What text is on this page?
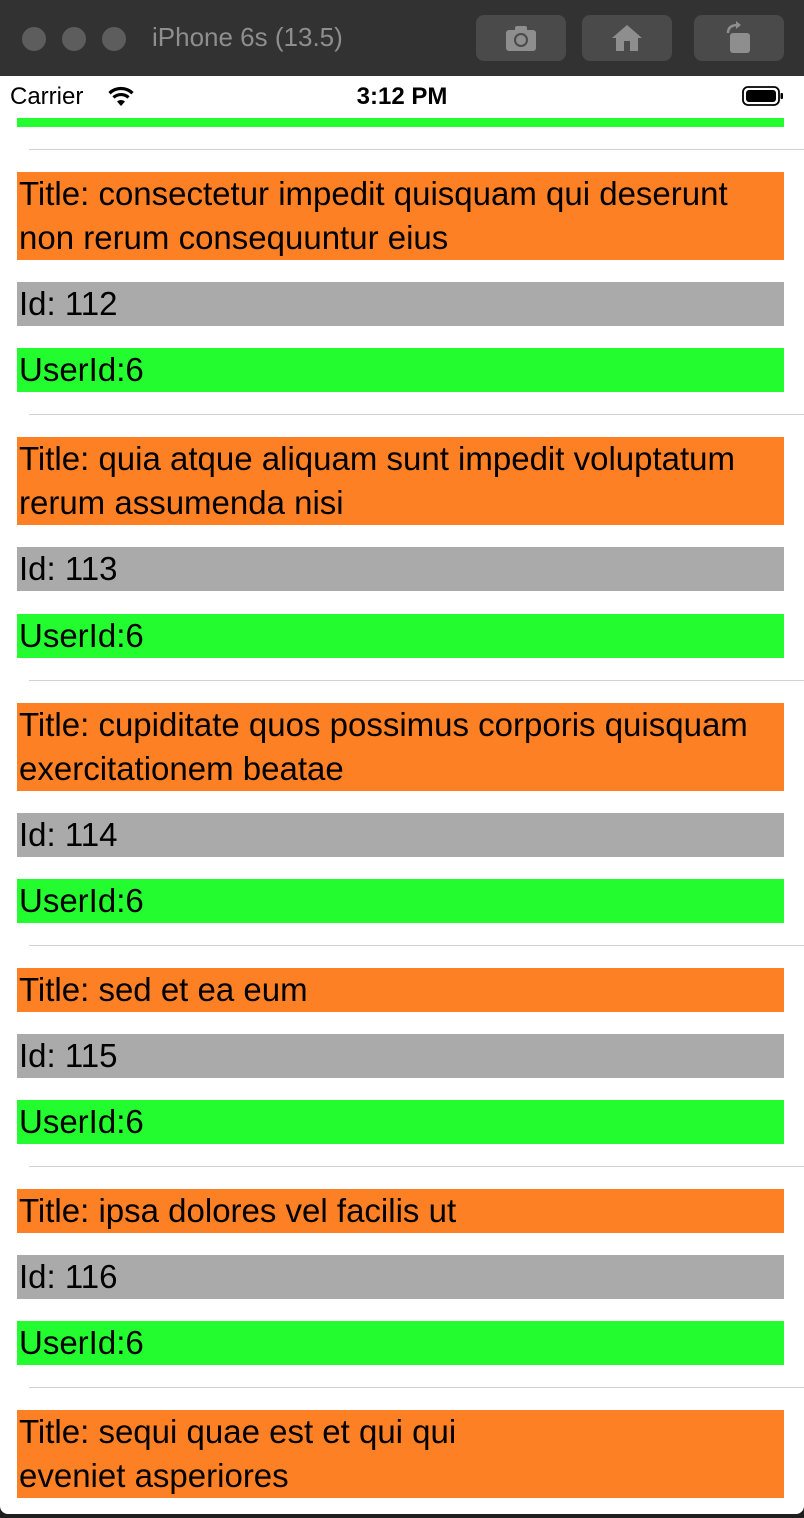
iPhone 6s (13.5)
Carrier	3:12 PM
Title: consectetur impedit quisquam qui deserunt non rerum consequuntur eius
Id: 112
UserId:6
Title: quia atque aliquam sunt impedit voluptatum rerum assumenda nisi
Id: 113
UserId:6
Title: cupiditate quos possimus corporis quisquam exercitationem beatae
Id: 114
UserId:6
Title: sed et ea eum
Id: 115
UserId:6
Title: ipsa dolores vel facilis ut
Id: 116
UserId:6
Title: sequi quae est et qui qui eveniet asperiores
